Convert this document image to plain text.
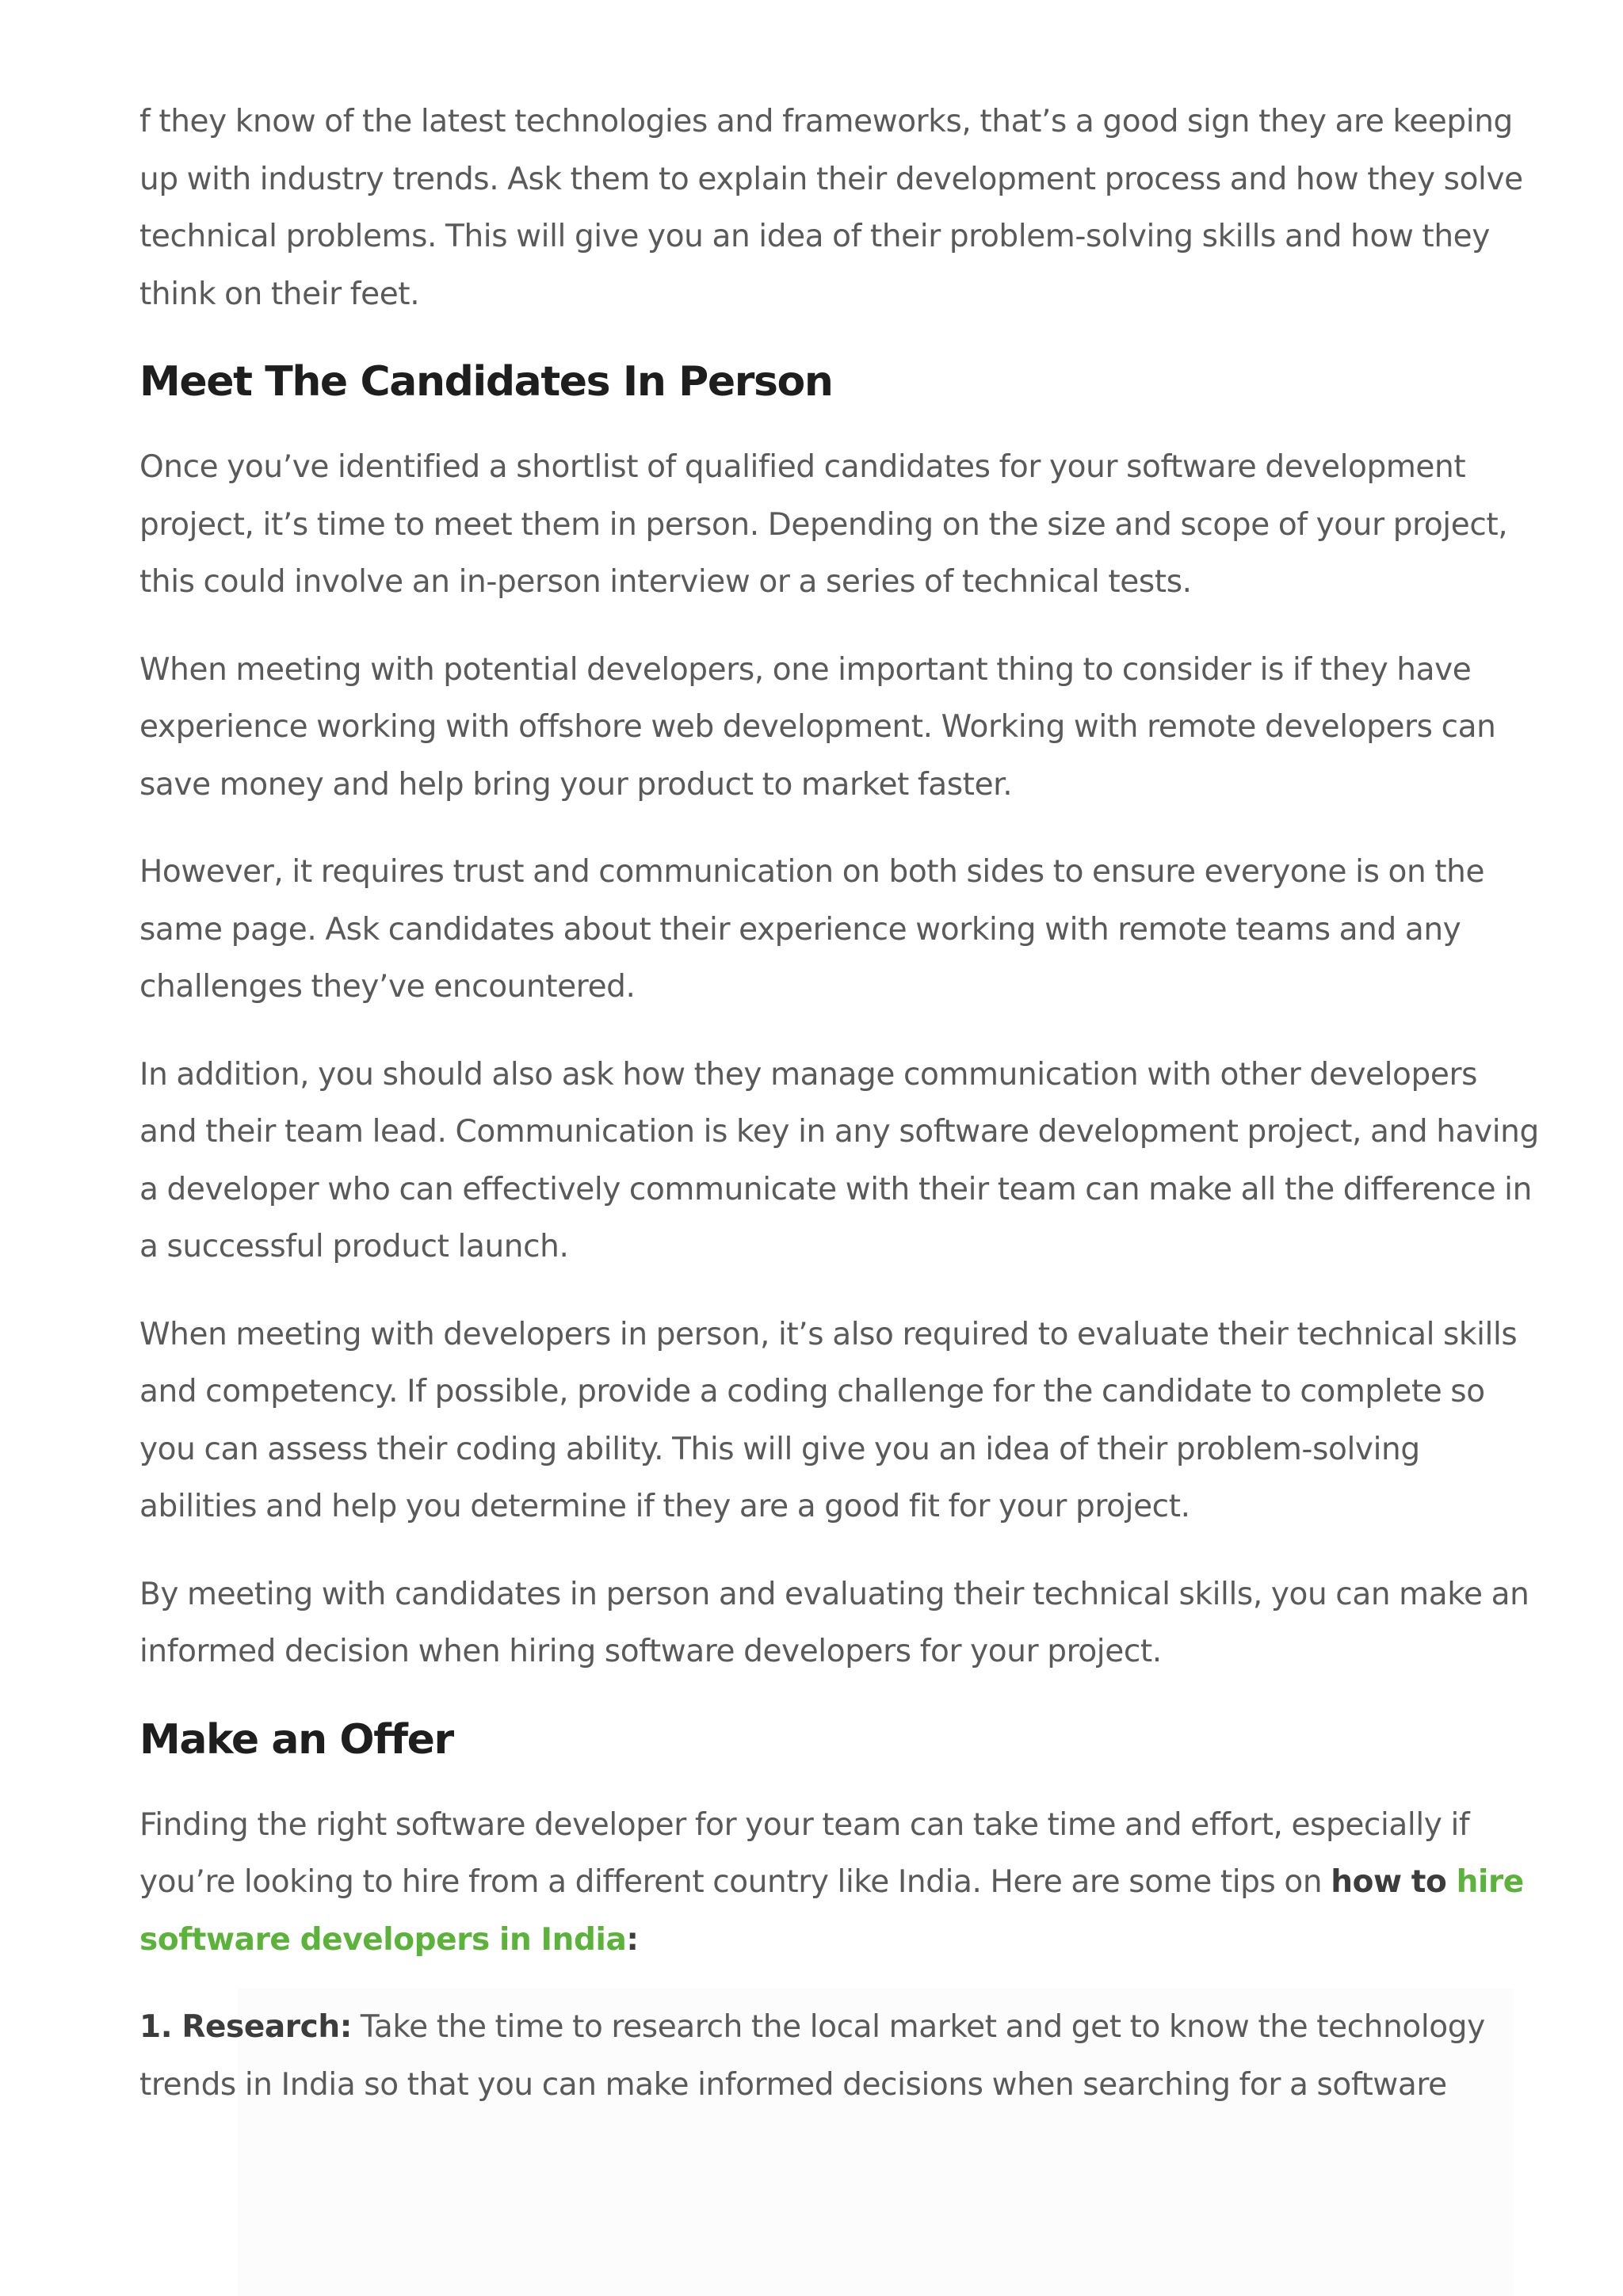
f they know of the latest technologies and frameworks, that’s a good sign they are keeping up with industry trends. Ask them to explain their development process and how they solve technical problems. This will give you an idea of their problem-solving skills and how they think on their feet.

Meet The Candidates In Person

Once you’ve identified a shortlist of qualified candidates for your software development project, it’s time to meet them in person. Depending on the size and scope of your project, this could involve an in-person interview or a series of technical tests.

When meeting with potential developers, one important thing to consider is if they have experience working with offshore web development. Working with remote developers can save money and help bring your product to market faster.

However, it requires trust and communication on both sides to ensure everyone is on the same page. Ask candidates about their experience working with remote teams and any challenges they’ve encountered.

In addition, you should also ask how they manage communication with other developers and their team lead. Communication is key in any software development project, and having a developer who can effectively communicate with their team can make all the difference in a successful product launch.

When meeting with developers in person, it’s also required to evaluate their technical skills and competency. If possible, provide a coding challenge for the candidate to complete so you can assess their coding ability. This will give you an idea of their problem-solving abilities and help you determine if they are a good fit for your project.

By meeting with candidates in person and evaluating their technical skills, you can make an informed decision when hiring software developers for your project.

Make an Offer

Finding the right software developer for your team can take time and effort, especially if you’re looking to hire from a different country like India. Here are some tips on how to hire software developers in India:

1. Research: Take the time to research the local market and get to know the technology trends in India so that you can make informed decisions when searching for a software
